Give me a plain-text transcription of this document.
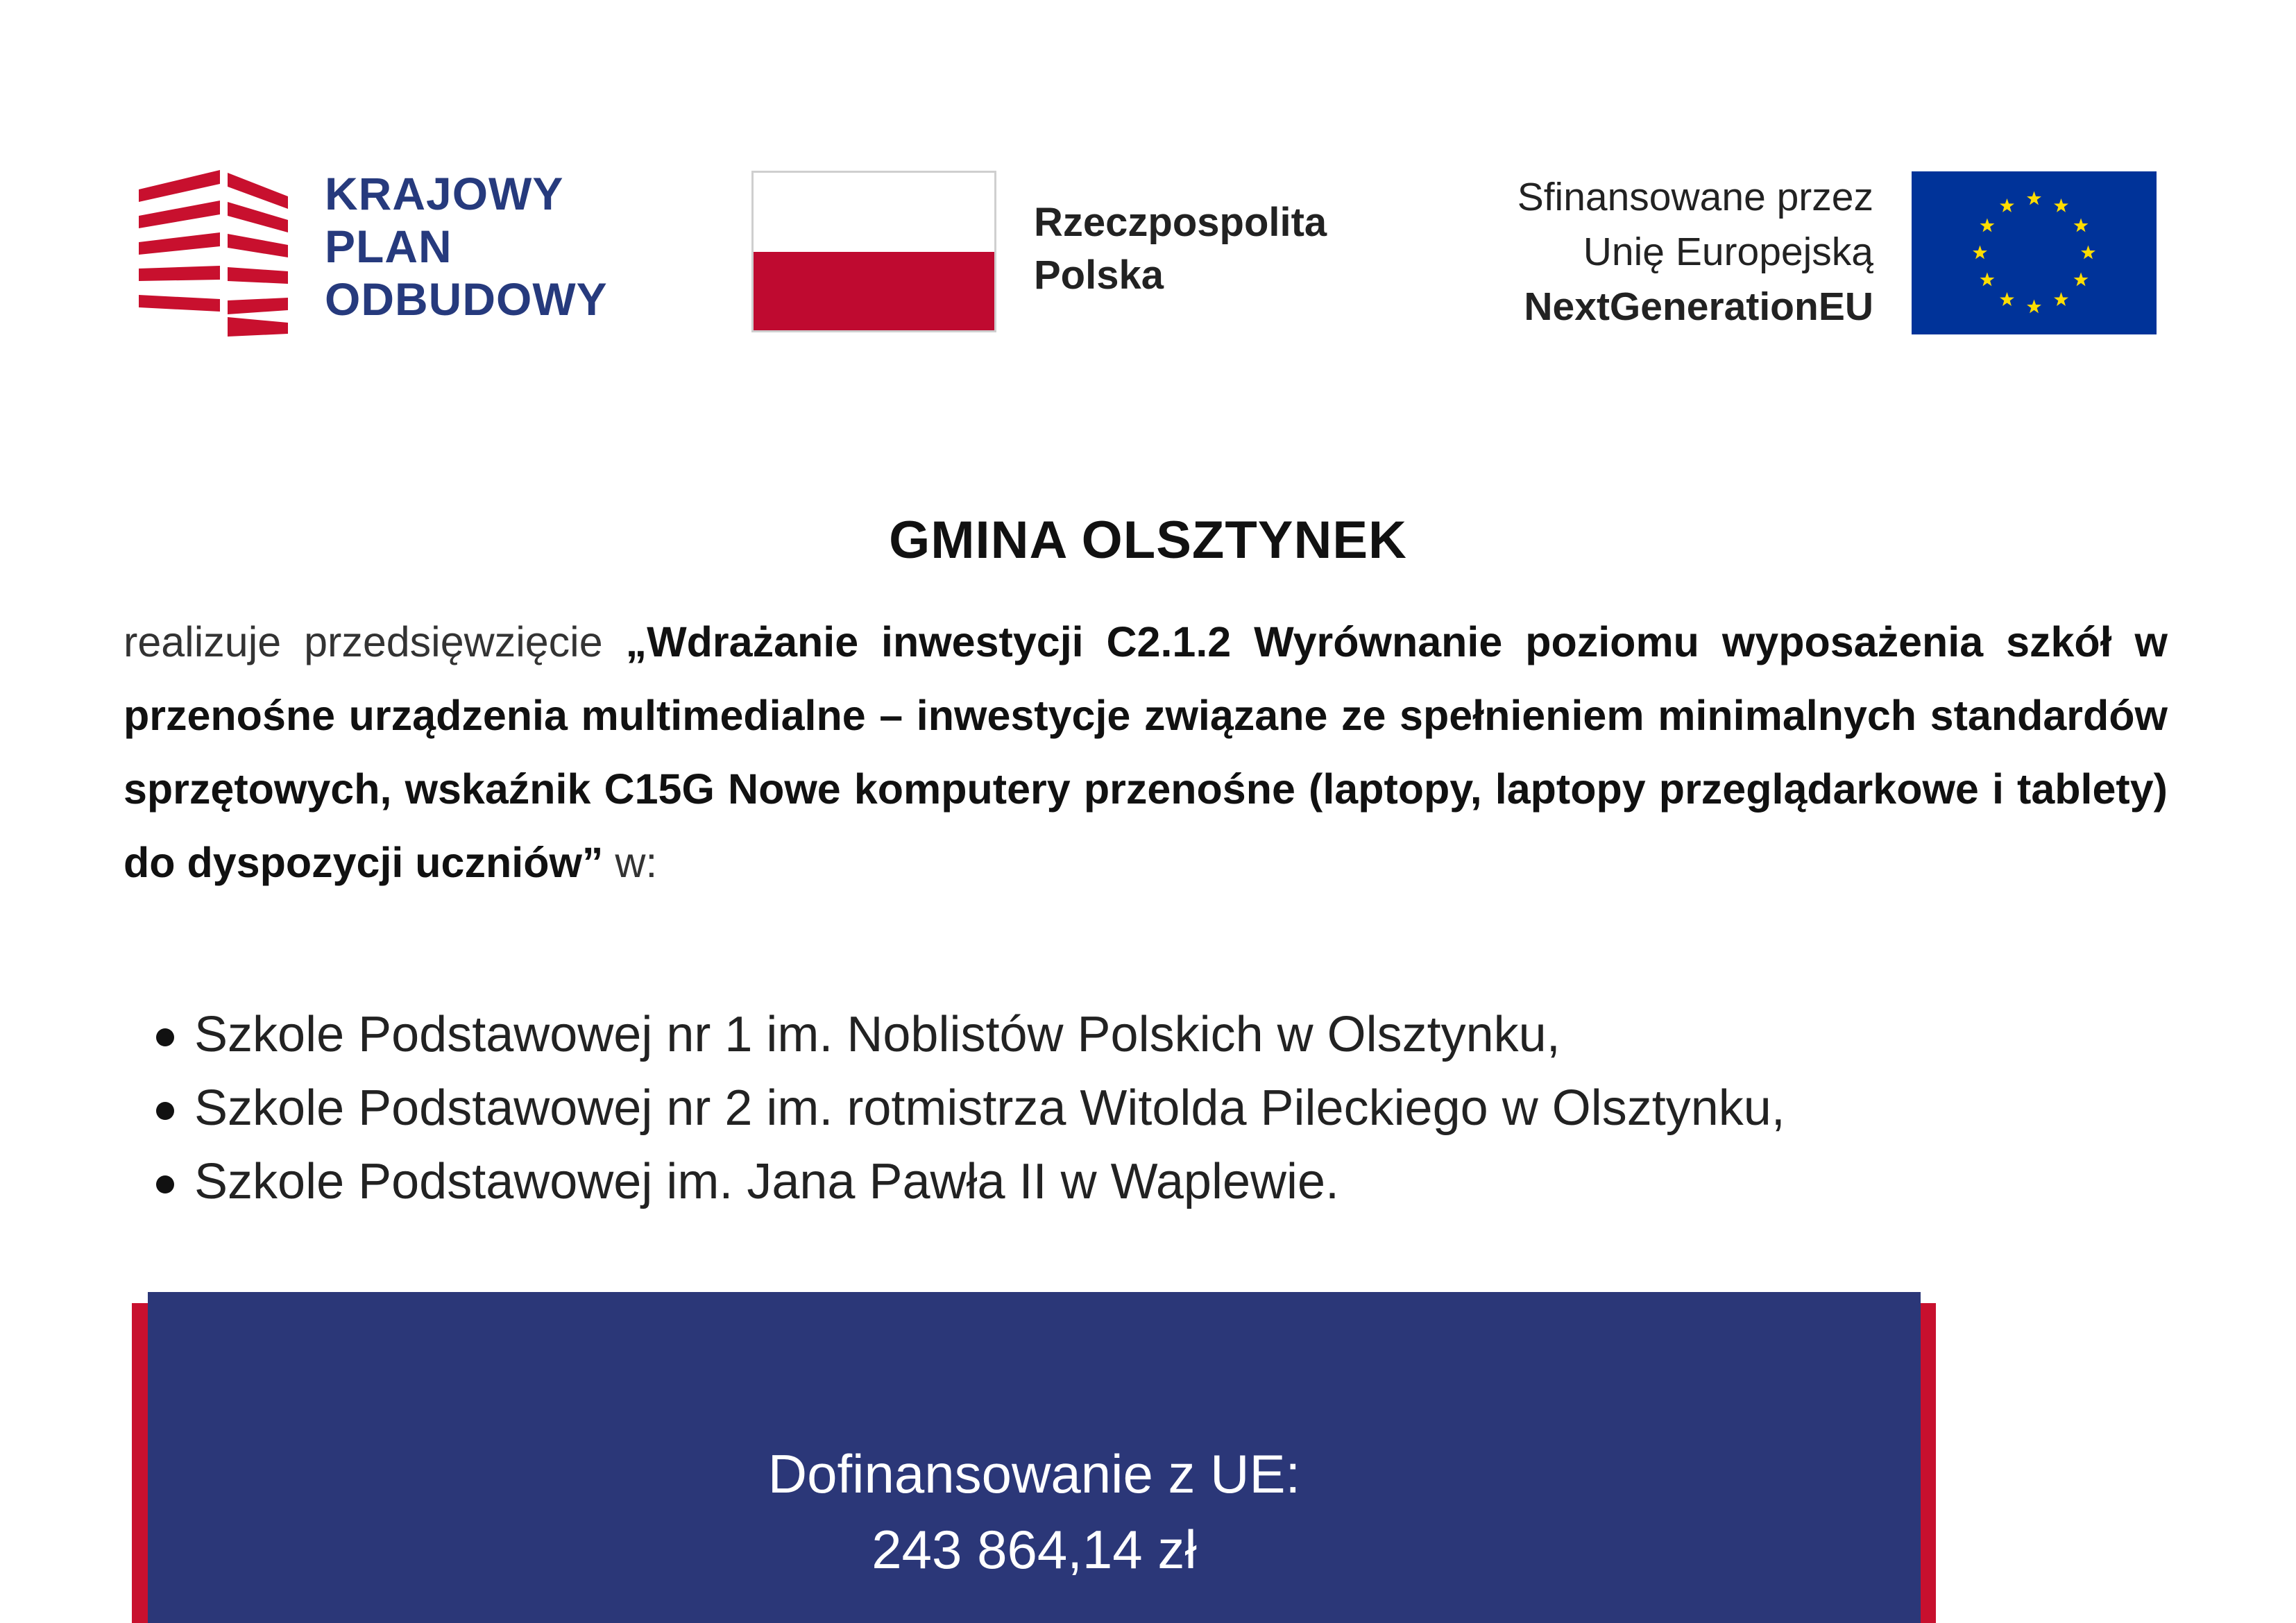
KRAJOWY
PLAN
ODBUDOWY
Rzeczpospolita
Polska
Sfinansowane przez
Unię Europejską
NextGenerationEU
GMINA OLSZTYNEK

realizuje przedsięwzięcie „Wdrażanie inwestycji C2.1.2 Wyrównanie poziomu wyposażenia szkół w przenośne urządzenia multimedialne – inwestycje związane ze spełnieniem minimalnych standardów sprzętowych, wskaźnik C15G Nowe komputery przenośne (laptopy, laptopy przeglądarkowe i tablety) do dyspozycji uczniów” w:

Szkole Podstawowej nr 1 im. Noblistów Polskich w Olsztynku,
Szkole Podstawowej nr 2 im. rotmistrza Witolda Pileckiego w Olsztynku,
Szkole Podstawowej im. Jana Pawła II w Waplewie.
Dofinansowanie z UE:
243 864,14 zł
